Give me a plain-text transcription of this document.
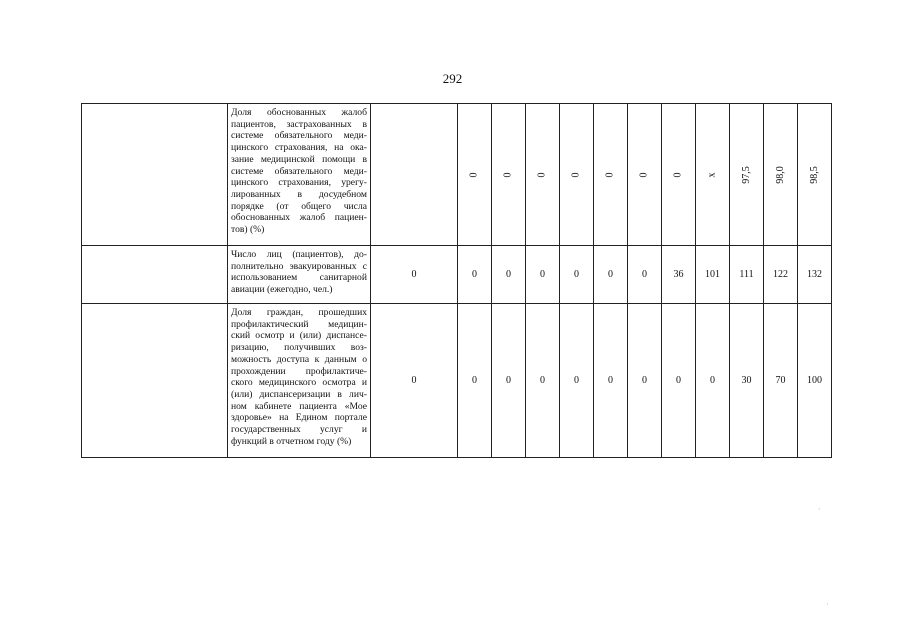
292

	Доля обоснованных жалоб пациентов, застрахованных в системе обязательного меди-цинского страхования, на ока-зание медицинской помощи в системе обязательного меди-цинского страхования, урегу-лированных в досудебном порядке (от общего числа обоснованных жалоб пациен-тов) (%)		0	0	0	0	0	0	0	x	97,5	98,0	98,5

	Число лиц (пациентов), до-полнительно эвакуированных с использованием санитарной авиации (ежегодно, чел.)	0	0	0	0	0	0	0	36	101	111	122	132

	Доля граждан, прошедших профилактический медицин-ский осмотр и (или) диспансе-ризацию, получивших воз-можность доступа к данным о прохождении профилактиче-ского медицинского осмотра и (или) диспансеризации в лич-ном кабинете пациента «Мое здоровье» на Едином портале государственных услуг и функций в отчетном году (%)	0	0	0	0	0	0	0	0	0	30	70	100
·
·
